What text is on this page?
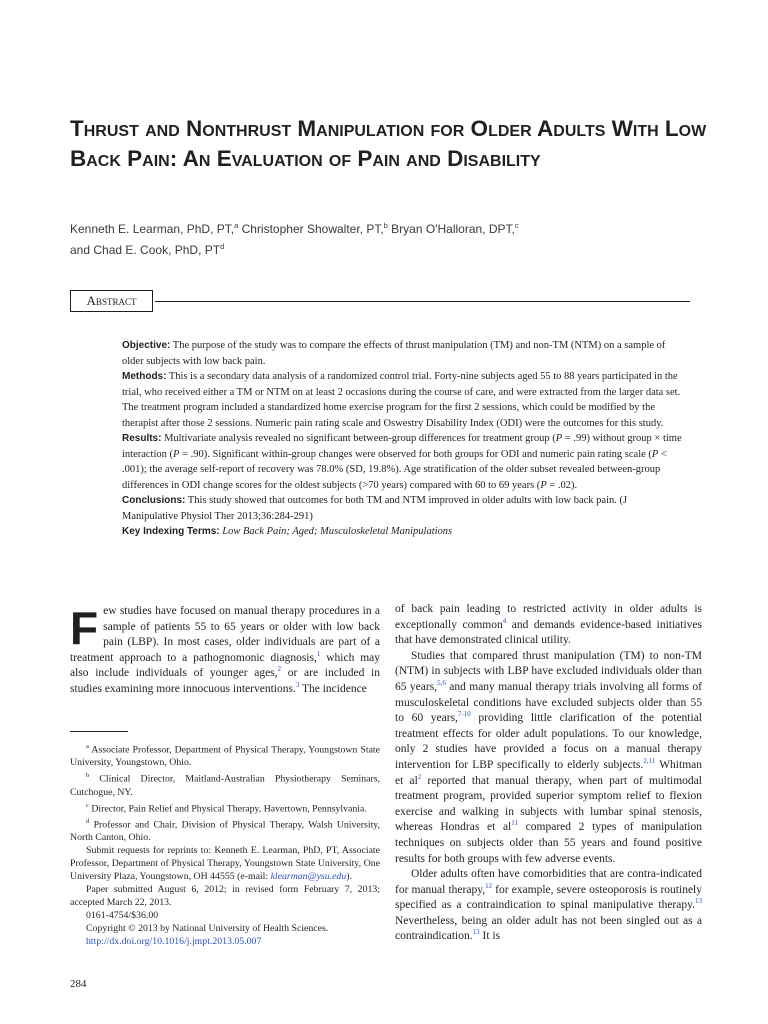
Thrust and Nonthrust Manipulation for Older Adults With Low Back Pain: An Evaluation of Pain and Disability
Kenneth E. Learman, PhD, PT,$^a$ Christopher Showalter, PT,$^b$ Bryan O'Halloran, DPT,$^c$
and Chad E. Cook, PhD, $PT^d$
Abstract

Objective: The purpose of the study was to compare the effects of thrust manipulation (TM) and non-TM (NTM) on a sample of older subjects with low back pain.

Methods: This is a secondary data analysis of a randomized control trial. Forty-nine subjects aged 55 to 88 years participated in the trial, who received either a TM or NTM on at least 2 occasions during the course of care, and were extracted from the larger data set. The treatment program included a standardized home exercise program for the first 2 sessions, which could be modified by the therapist after those 2 sessions. Numeric pain rating scale and Oswestry Disability Index (ODI) were the outcomes for this study.

Results: Multivariate analysis revealed no significant between-group differences for treatment group (P = .99) without group × time interaction (P = .90). Significant within-group changes were observed for both groups for ODI and numeric pain rating scale (P < .001); the average self-report of recovery was 78.0% (SD, 19.8%). Age stratification of the older subset revealed between-group differences in ODI change scores for the oldest subjects (>70 years) compared with 60 to 69 years (P = .02).

Conclusions: This study showed that outcomes for both TM and NTM improved in older adults with low back pain. (J Manipulative Physiol Ther 2013;36:284-291)

Key Indexing Terms: Low Back Pain; Aged; Musculoskeletal Manipulations

Few studies have focused on manual therapy procedures in a sample of patients 55 to 65 years or older with low back pain (LBP). In most cases, older individuals are part of a treatment approach to a pathognomonic diagnosis,$^1$ which may also include individuals of younger ages,$^2$ or are included in studies examining more innocuous interventions.$^3$ The incidence

$^a$ Associate Professor, Department of Physical Therapy, Youngstown State University, Youngstown, Ohio.

$^b$ Clinical Director, Maitland-Australian Physiotherapy Seminars, Cutchogue, NY.

$^c$ Director, Pain Relief and Physical Therapy, Havertown, Pennsylvania.

$^d$ Professor and Chair, Division of Physical Therapy, Walsh University, North Canton, Ohio.

Submit requests for reprints to: Kenneth E. Learman, PhD, PT, Associate Professor, Department of Physical Therapy, Youngstown State University, One University Plaza, Youngstown, OH 44555 (e-mail: klearman@ysu.edu).

Paper submitted August 6, 2012; in revised form February 7, 2013; accepted March 22, 2013.

0161-4754/$36.00

Copyright © 2013 by National University of Health Sciences.

http://dx.doi.org/10.1016/j.jmpt.2013.05.007

of back pain leading to restricted activity in older adults is exceptionally common$^4$ and demands evidence-based initiatives that have demonstrated clinical utility.

Studies that compared thrust manipulation (TM) to non-TM (NTM) in subjects with LBP have excluded individuals older than 65 years,$^{5,6}$ and many manual therapy trials involving all forms of musculoskeletal conditions have excluded subjects older than 55 to 60 years,$^{7-10}$ providing little clarification of the potential treatment effects for older adult populations. To our knowledge, only 2 studies have provided a focus on a manual therapy intervention for LBP specifically to elderly subjects.$^{2,11}$ Whitman et al$^2$ reported that manual therapy, when part of multimodal treatment program, provided superior symptom relief to flexion exercise and walking in subjects with lumbar spinal stenosis, whereas Hondras et al$^{11}$ compared 2 types of manipulation techniques on subjects older than 55 years and found positive results for both groups with few adverse events.

Older adults often have comorbidities that are contra-indicated for manual therapy,$^{12}$ for example, severe osteoporosis is routinely specified as a contraindication to spinal manipulative therapy.$^{13}$ Nevertheless, being an older adult has not been singled out as a contraindication.$^{13}$ It is

284
